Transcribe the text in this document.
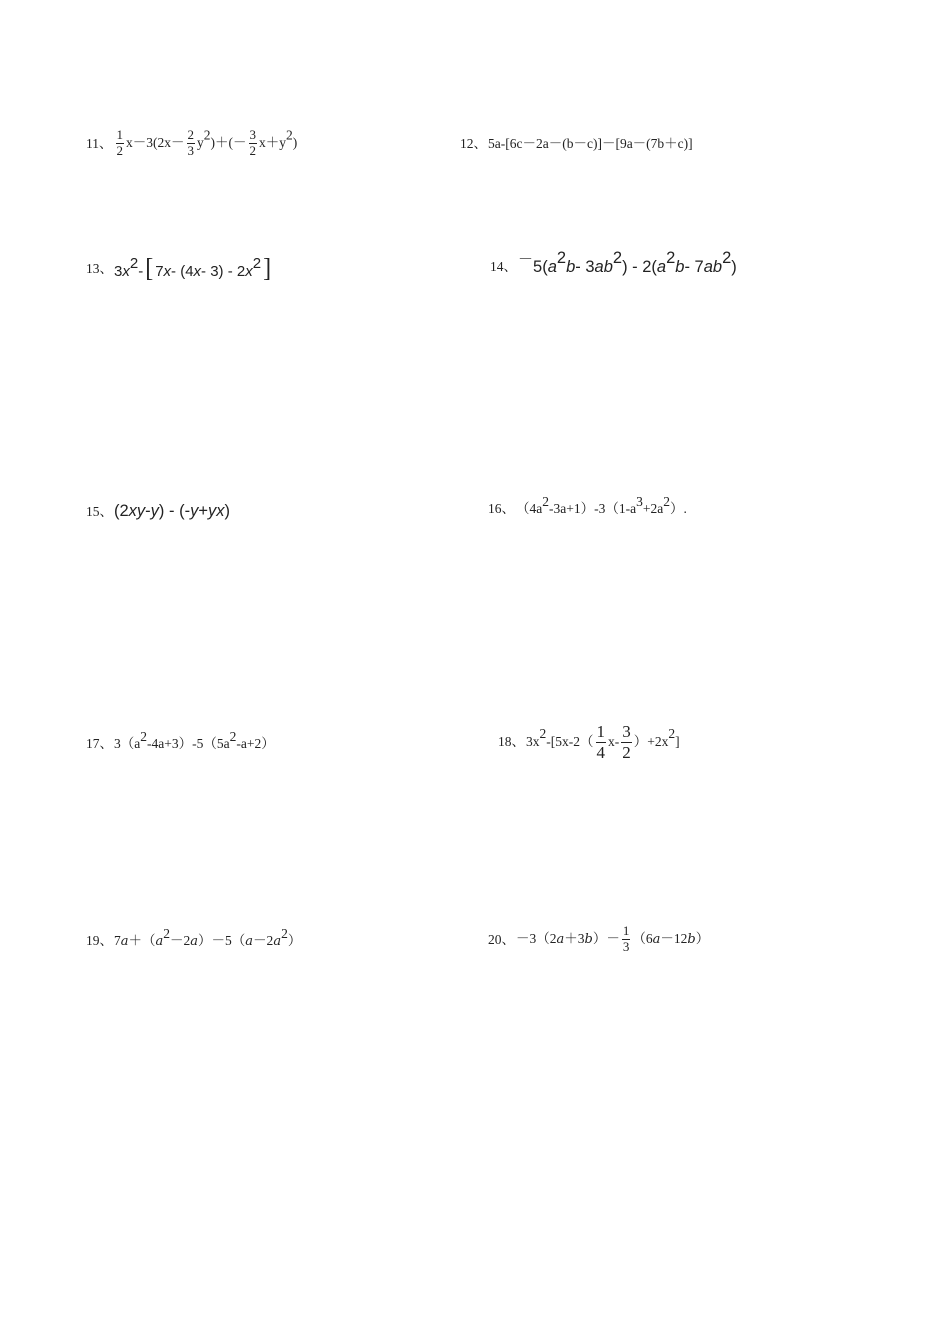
11、 $\frac{1}{2} x-3(2x- \frac{2}{3} y^2)+(- \frac{3}{2} x+y^2)$	12、 5a-[6c－2a－(b－c)]－[9a－(7b＋c)]
13、 $3x^2-$[ 7x- (4x- $3) - 2x^2$]	14、 $^-5(a^2b-$ $3ab^2) - 2(a^2b-$ $7ab^2$)
15、 (2xy-y) - (-y+yx)	16、 $(4a^2-3a+1)-3(1-a^3+2a^2)$.
17、 $3(a^2-4a+3)-5(5a^2-a+2)$	18、 $3x^2-[5x-2( \frac{1}{4} x- \frac{3}{2} )+2x^2]$
19、 $7a+(a^2-2a)-5(a-2a^2)$	20、 $-3(2a+3b)- \frac{1}{3} (6a-12b)$
